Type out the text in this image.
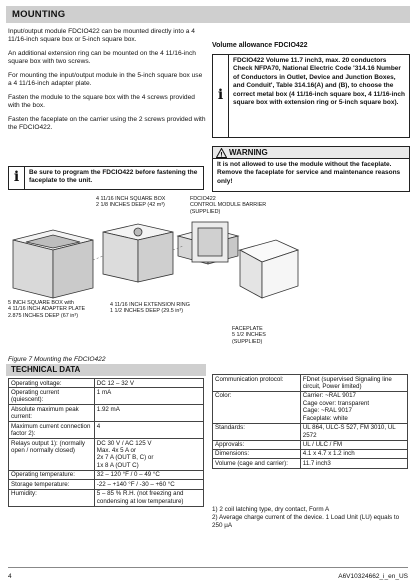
MOUNTING

Input/output module FDCIO422 can be mounted directly into a 4 11/16-inch square box or 5-inch square box.

An additional extension ring can be mounted on the 4 11/16-inch square box with two screws.

For mounting the input/output module in the 5-inch square box use a 4 11/16-inch adapter plate.

Fasten the module to the square box with the 4 screws provided with the box.

Fasten the faceplate on the carrier using the 2 screws provided with the FDCIO422.

i	Be sure to program the FDCIO422 before fastening the faceplate to the unit.
Volume allowance FDCIO422
i
FDCIO422 Volume 11.7 inch3, max. 20 conductors Check NFPA70, National Electric Code '314.16 Number of Conductors in Outlet, Device and Junction Boxes, and Conduit', Table 314.16(A) and (B), to choose the correct metal box (4 11/16-inch square box, 4 11/16-inch square box with extension ring or 5-inch square box).
! WARNING
It is not allowed to use the module without the faceplate. Remove the faceplate for service and maintenance reasons only!
4 11/16 INCH SQUARE BOX
2 1/8 INCHES DEEP (42 m³)
FDCIO422
CONTROL MODULE BARRIER
(SUPPLIED)
5 INCH SQUARE BOX with
4 11/16 INCH ADAPTER PLATE
2.875 INCHES DEEP (67 in³)
4 11/16 INCH EXTENSION RING
1 1/2 INCHES DEEP (29.5 in³)
FACEPLATE
5 1/2 INCHES
(SUPPLIED)
Figure 7 Mounting the FDCIO422
TECHNICAL DATA
Operating voltage:	DC 12 – 32 V
Operating current (quiescent):	1 mA
Absolute maximum peak current:	1.92 mA
Maximum current connection factor 2):	4
Relays output 1): (normally open / normally closed)	DC 30 V / AC 125 V
Max. 4x 5 A or
2x 7 A (OUT B, C) or
1x 8 A (OUT C)
Operating temperature:	32 – 120 °F / 0 – 49 °C
Storage temperature:	-22 – +140 °F / -30 – +60 °C
Humidity:	5 – 85 % R.H. (not freezing and condensing at low temperature)
Communication protocol:	FDnet (supervised Signaling line circuit, Power limited)
Color:	Carrier: ~RAL 9017
Cage cover: transparent
Cage: ~RAL 9017
Faceplate: white
Standards:	UL 864, ULC-S 527, FM 3010, UL 2572
Approvals:	UL / ULC / FM
Dimensions:	4.1 x 4.7 x 1.2 inch
Volume (cage and carrier):	11.7 inch3
1) 2 coil latching type, dry contact, Form A
2) Average charge current of the device. 1 Load Unit (LU) equals to 250 µA
4	A6V10324662_i_en_US
